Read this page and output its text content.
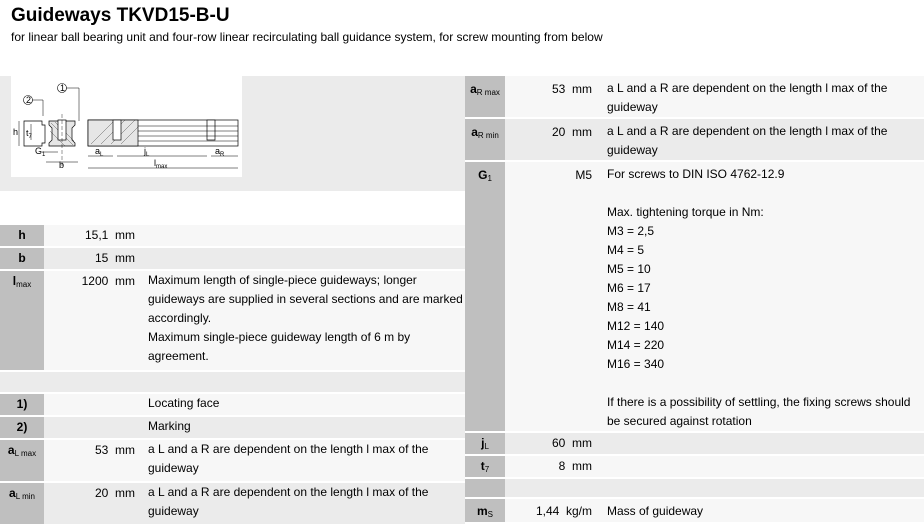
Guideways TKVD15-B-U
for linear ball bearing unit and four-row linear recirculating ball guidance system, for screw mounting from below
1
2
h $t_7$
$G_1$
b
$a_L$	$j_L$	$a_R$
$l_{max}$
h	15,1 mm
b	15 mm
$l_{max}$	1200 mm	Maximum length of single-piece guideways; longer guideways are supplied in several sections and are marked accordingly.
Maximum single-piece guideway length of 6 m by agreement.
1)	Locating face
2)	Marking
$a_{L max}$	53 mm	a L and a R are dependent on the length l max of the guideway
$a_{L min}$	20 mm	a L and a R are dependent on the length l max of the guideway
$a_{R max}$	53 mm	a L and a R are dependent on the length l max of the guideway
$a_{R min}$	20 mm	a L and a R are dependent on the length l max of the guideway
$G_1$	M5	For screws to DIN ISO 4762-12.9
Max. tightening torque in Nm:
M3 = 2,5
M4 = 5
M5 = 10
M6 = 17
M8 = 41
M12 = 140
M14 = 220
M16 = 340
If there is a possibility of settling, the fixing screws should be secured against rotation
$j_L$	60 mm
$t_7$	8 mm
$m_S$	1,44 kg/m	Mass of guideway
